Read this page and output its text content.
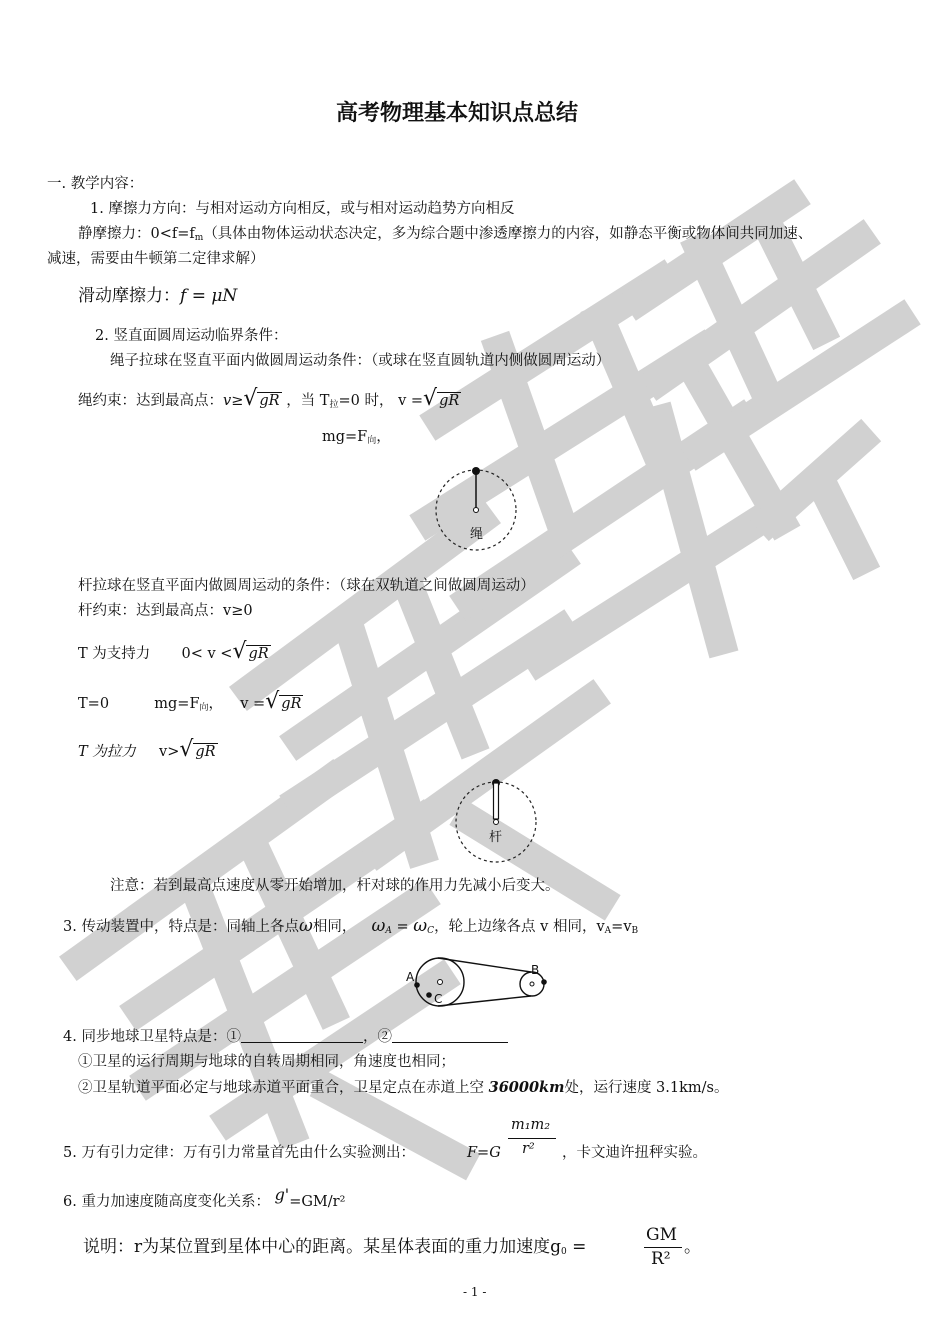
高考物理基本知识点总结
一. 教学内容：
1. 摩擦力方向：与相对运动方向相反，或与相对运动趋势方向相反
静摩擦力：$0<f=f_m$（具体由物体运动状态决定，多为综合题中渗透摩擦力的内容，如静态平衡或物体间共同加速、
减速，需要由牛顿第二定律求解）
滑动摩擦力：f = μN
2. 竖直面圆周运动临界条件：
绳子拉球在竖直平面内做圆周运动条件：（或球在竖直圆轨道内侧做圆周运动）
绳约束：达到最高点：v≥√ gR ，当 $T_拉=0$ 时， v =√ gR
$mg=F_向$，
绳
杆拉球在竖直平面内做圆周运动的条件：（球在双轨道之间做圆周运动）
杆约束：达到最高点：v≥0
T 为支持力 0< v <√ gR
T=0	$mg=F_向$， v =√ gR
T 为拉力 v>√ gR
杆
注意：若到最高点速度从零开始增加，杆对球的作用力先减小后变大。
3. 传动装置中，特点是：同轴上各点ω相同， $\omega_A = \omega_C$，轮上边缘各点 v 相同，$v_A=v_B$
A	B
C
4. 同步地球卫星特点是：①	，②
①卫星的运行周期与地球的自转周期相同，角速度也相同；
②卫星轨道平面必定与地球赤道平面重合，卫星定点在赤道上空 36000km处，运行速度 3.1km/s。
5. 万有引力定律：万有引力常量首先由什么实验测出：	F=G
m₁m₂
r² ，卡文迪许扭秤实验。
6. 重力加速度随高度变化关系： g'=GM/r²
说明：r为某位置到星体中心的距离。某星体表面的重力加速度$g_0$ =
GM
R²
。
- 1 -
